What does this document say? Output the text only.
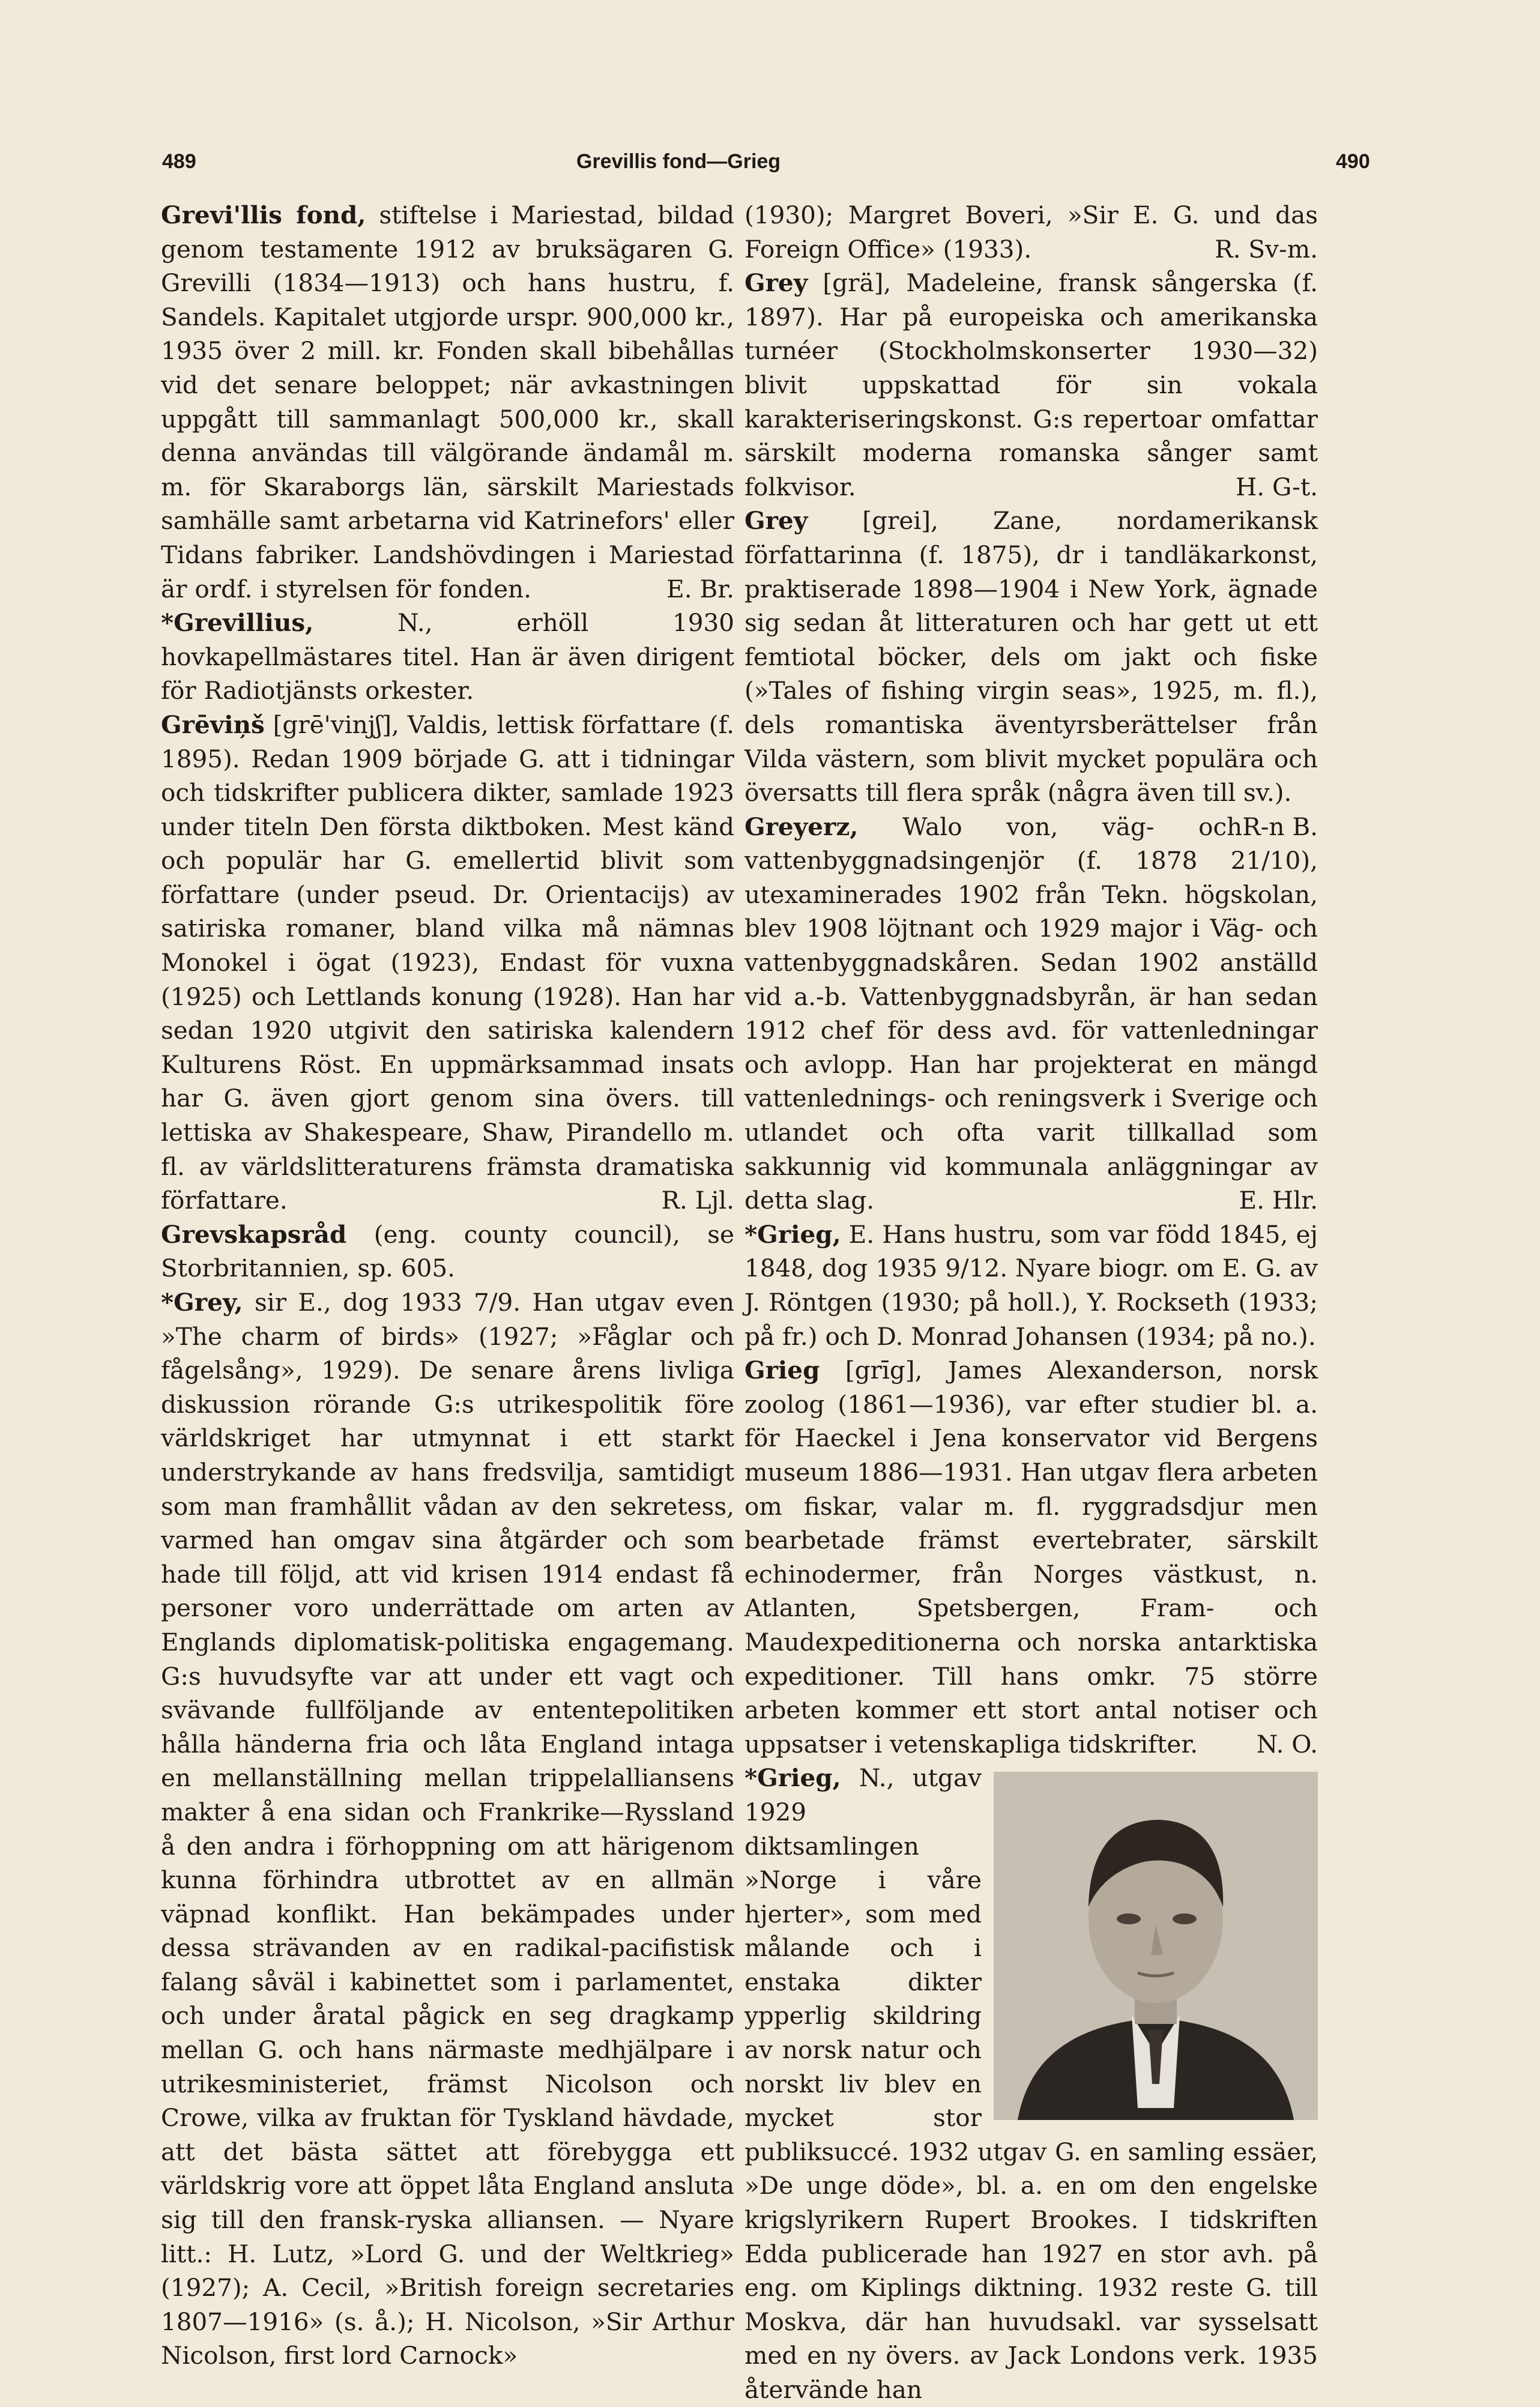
489	Grevillis fond—Grieg	490

Grevi'llis fond, stiftelse i Mariestad, bildad genom testamente 1912 av bruksägaren G. Grevilli (1834—1913) och hans hustru, f. Sandels. Kapitalet utgjorde urspr. 900,000 kr., 1935 över 2 mill. kr. Fonden skall bibehållas vid det senare beloppet; när avkastningen uppgått till sammanlagt 500,000 kr., skall denna användas till välgörande ändamål m. m. för Skaraborgs län, särskilt Mariestads samhälle samt arbetarna vid Katrinefors' eller Tidans fabriker. Landshövdingen i Mariestad är ordf. i styrelsen för fonden.	E. Br.

*Grevillius,	N., erhöll 1930 hovkapellmästares titel. Han är även dirigent för Radiotjänsts orkester.

Grēviņš [grē'vinjʃ], Valdis, lettisk författare (f. 1895). Redan 1909 började G. att i tidningar och tidskrifter publicera dikter, samlade 1923 under titeln Den första diktboken. Mest känd och populär har G. emellertid blivit som författare (under pseud. Dr. Orientacijs) av satiriska romaner, bland vilka må nämnas Monokel i ögat (1923), Endast för vuxna (1925) och Lettlands konung (1928). Han har sedan 1920 utgivit den satiriska kalendern Kulturens Röst. En uppmärksammad insats har G. även gjort genom sina övers. till lettiska av Shakespeare, Shaw, Pirandello m. fl. av världslitteraturens främsta dramatiska författare.	R. Ljl.

Grevskapsråd (eng. county council), se Storbritannien, sp. 605.

*Grey, sir E., dog 1933 7/9. Han utgav even »The charm of birds» (1927; »Fåglar och fågelsång», 1929). De senare årens livliga diskussion rörande G:s utrikespolitik före världskriget har utmynnat i ett starkt understrykande av hans fredsvilja, samtidigt som man framhållit vådan av den sekretess, varmed han omgav sina åtgärder och som hade till följd, att vid krisen 1914 endast få personer voro underrättade om arten av Englands diplomatisk-politiska engagemang. G:s huvudsyfte var att under ett vagt och svävande fullföljande av ententepolitiken hålla händerna fria och låta England intaga en mellanställning mellan trippelalliansens makter å ena sidan och Frankrike—Ryssland å den andra i förhoppning om att härigenom kunna förhindra utbrottet av en allmän väpnad konflikt. Han bekämpades under dessa strävanden av en radikal-pacifistisk falang såväl i kabinettet som i parlamentet, och under åratal pågick en seg dragkamp mellan G. och hans närmaste medhjälpare i utrikesministeriet, främst Nicolson och Crowe, vilka av fruktan för Tyskland hävdade, att det bästa sättet att förebygga ett världskrig vore att öppet låta England ansluta sig till den fransk-ryska alliansen. — Nyare litt.: H. Lutz, »Lord G. und der Weltkrieg» (1927); A. Cecil, »British foreign secretaries 1807—1916» (s. å.); H. Nicolson, »Sir Arthur Nicolson, first lord Carnock»

(1930); Margret Boveri, »Sir E. G. und das Foreign Office» (1933).	R. Sv-m.

Grey [grä], Madeleine, fransk sångerska (f. 1897). Har på europeiska och amerikanska turnéer (Stockholmskonserter 1930—32) blivit uppskattad för sin vokala karakteriseringskonst. G:s repertoar omfattar särskilt moderna romanska sånger samt folkvisor.	H. G-t.

Grey [grei], Zane, nordamerikansk författarinna (f. 1875), dr i tandläkarkonst, praktiserade 1898—1904 i New York, ägnade sig sedan åt litteraturen och har gett ut ett femtiotal böcker, dels om jakt och fiske (»Tales of fishing virgin seas», 1925, m. fl.), dels romantiska äventyrsberättelser från Vilda västern, som blivit mycket populära och översatts till flera språk (några även till sv.).
R-n B.

Greyerz, Walo von, väg- och vattenbyggnadsingenjör (f. 1878 21/10), utexaminerades 1902 från Tekn. högskolan, blev 1908 löjtnant och 1929 major i Väg- och vattenbyggnadskåren. Sedan 1902 anställd vid a.-b. Vattenbyggnadsbyrån, är han sedan 1912 chef för dess avd. för vattenledningar och avlopp. Han har projekterat en mängd vattenlednings- och reningsverk i Sverige och utlandet och ofta varit tillkallad som sakkunnig vid kommunala anläggningar av detta slag.	E. Hlr.

*Grieg, E. Hans hustru, som var född 1845, ej 1848, dog 1935 9/12. Nyare biogr. om E. G. av J. Röntgen (1930; på holl.), Y. Rockseth (1933; på fr.) och D. Monrad Johansen (1934; på no.).

Grieg [grīg], James Alexanderson, norsk zoolog (1861—1936), var efter studier bl. a. för Haeckel i Jena konservator vid Bergens museum 1886—1931. Han utgav flera arbeten om fiskar, valar m. fl. ryggradsdjur men bearbetade främst evertebrater, särskilt echinodermer, från Norges västkust, n. Atlanten, Spetsbergen, Fram- och Maudexpeditionerna och norska antarktiska expeditioner. Till hans omkr. 75 större arbeten kommer ett stort antal notiser och uppsatser i vetenskapliga tidskrifter. N. O.

*Grieg, N., utgav 1929 diktsamlingen »Norge i våre hjerter», som med målande och i enstaka dikter ypperlig skildring av norsk natur och norskt liv blev en mycket stor publiksuccé. 1932 utgav G. en samling essäer, »De unge döde», bl. a. en om den engelske krigslyrikern Rupert Brookes. I tidskriften Edda publicerade han 1927 en stor avh. på eng. om Kiplings diktning. 1932 reste G. till Moskva, där han huvudsakl. var sysselsatt med en ny övers. av Jack Londons verk. 1935 återvände han
